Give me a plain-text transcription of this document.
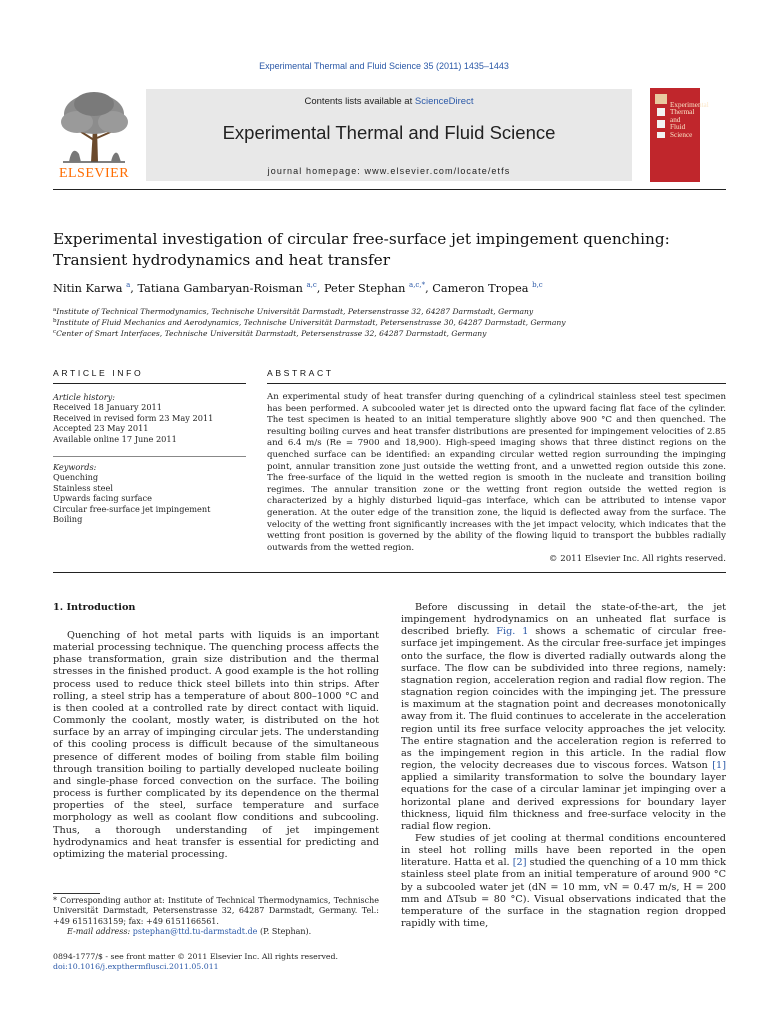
Experimental Thermal and Fluid Science 35 (2011) 1435–1443
ELSEVIER
Contents lists available at ScienceDirect
Experimental Thermal and Fluid Science
journal homepage: www.elsevier.com/locate/etfs
Experimental
Thermal and
Fluid Science
Experimental investigation of circular free-surface jet impingement quenching:
Transient hydrodynamics and heat transfer
Nitin Karwa $^a$, Tatiana Gambaryan-Roisman $^{a,c}$, Peter Stephan $^{a,c,*}$, Cameron Tropea $^{b,c}$
$^a$Institute of Technical Thermodynamics, Technische Universität Darmstadt, Petersenstrasse 32, 64287 Darmstadt, Germany
$^b$Institute of Fluid Mechanics and Aerodynamics, Technische Universität Darmstadt, Petersenstrasse 30, 64287 Darmstadt, Germany
$^c$Center of Smart Interfaces, Technische Universität Darmstadt, Petersenstrasse 32, 64287 Darmstadt, Germany
ARTICLE INFO	ABSTRACT
Article history:
Received 18 January 2011
Received in revised form 23 May 2011
Accepted 23 May 2011
Available online 17 June 2011
Keywords:
Quenching
Stainless steel
Upwards facing surface
Circular free-surface jet impingement
Boiling
An experimental study of heat transfer during quenching of a cylindrical stainless steel test specimen has been performed. A subcooled water jet is directed onto the upward facing flat face of the cylinder. The test specimen is heated to an initial temperature slightly above 900 °C and then quenched. The resulting boiling curves and heat transfer distributions are presented for impingement velocities of 2.85 and 6.4 m/s (Re = 7900 and 18,900). High-speed imaging shows that three distinct regions on the quenched surface can be identified: an expanding circular wetted region surrounding the impinging point, annular transition zone just outside the wetting front, and a unwetted region outside this zone. The free-surface of the liquid in the wetted region is smooth in the nucleate and transition boiling regimes. The annular transition zone or the wetting front region outside the wetted region is characterized by a highly disturbed liquid–gas interface, which can be attributed to intense vapor generation. At the outer edge of the transition zone, the liquid is deflected away from the surface. The velocity of the wetting front significantly increases with the jet impact velocity, which indicates that the wetting front position is governed by the ability of the flowing liquid to transport the bubbles radially outwards from the wetted region.
© 2011 Elsevier Inc. All rights reserved.
1. Introduction

Quenching of hot metal parts with liquids is an important material processing technique. The quenching process affects the phase transformation, grain size distribution and the thermal stresses in the finished product. A good example is the hot rolling process used to reduce thick steel billets into thin strips. After rolling, a steel strip has a temperature of about 800–1000 °C and is then cooled at a controlled rate by direct contact with liquid. Commonly the coolant, mostly water, is distributed on the hot surface by an array of impinging circular jets. The understanding of this cooling process is difficult because of the simultaneous presence of different modes of boiling from stable film boiling through transition boiling to partially developed nucleate boiling and single-phase forced convection on the surface. The boiling process is further complicated by its dependence on the thermal properties of the steel, surface temperature and surface morphology as well as coolant flow conditions and subcooling. Thus, a thorough understanding of jet impingement hydrodynamics and heat transfer is essential for predicting and optimizing the material processing.

Before discussing in detail the state-of-the-art, the jet impingement hydrodynamics on an unheated flat surface is described briefly. Fig. 1 shows a schematic of circular free-surface jet impingement. As the circular free-surface jet impinges onto the surface, the flow is diverted radially outwards along the surface. The flow can be subdivided into three regions, namely: stagnation region, acceleration region and radial flow region. The stagnation region coincides with the impinging jet. The pressure is maximum at the stagnation point and decreases monotonically away from it. The fluid continues to accelerate in the acceleration region until its free surface velocity approaches the jet velocity. The entire stagnation and the acceleration region is referred to as the impingement region in this article. In the radial flow region, the velocity decreases due to viscous forces. Watson [1] applied a similarity transformation to solve the boundary layer equations for the case of a circular laminar jet impinging over a horizontal plane and derived expressions for boundary layer thickness, liquid film thickness and free-surface velocity in the radial flow region.

Few studies of jet cooling at thermal conditions encountered in steel hot rolling mills have been reported in the open literature. Hatta et al. [2] studied the quenching of a 10 mm thick stainless steel plate from an initial temperature of around 900 °C by a subcooled water jet (dN = 10 mm, vN = 0.47 m/s, H = 200 mm and ΔTsub = 80 °C). Visual observations indicated that the temperature of the surface in the stagnation region dropped rapidly with time,

* Corresponding author at: Institute of Technical Thermodynamics, Technische Universität Darmstadt, Petersenstrasse 32, 64287 Darmstadt, Germany. Tel.: +49 6151163159; fax: +49 6151166561.
E-mail address: pstephan@ttd.tu-darmstadt.de (P. Stephan).
0894-1777/$ - see front matter © 2011 Elsevier Inc. All rights reserved.
doi:10.1016/j.expthermflusci.2011.05.011
